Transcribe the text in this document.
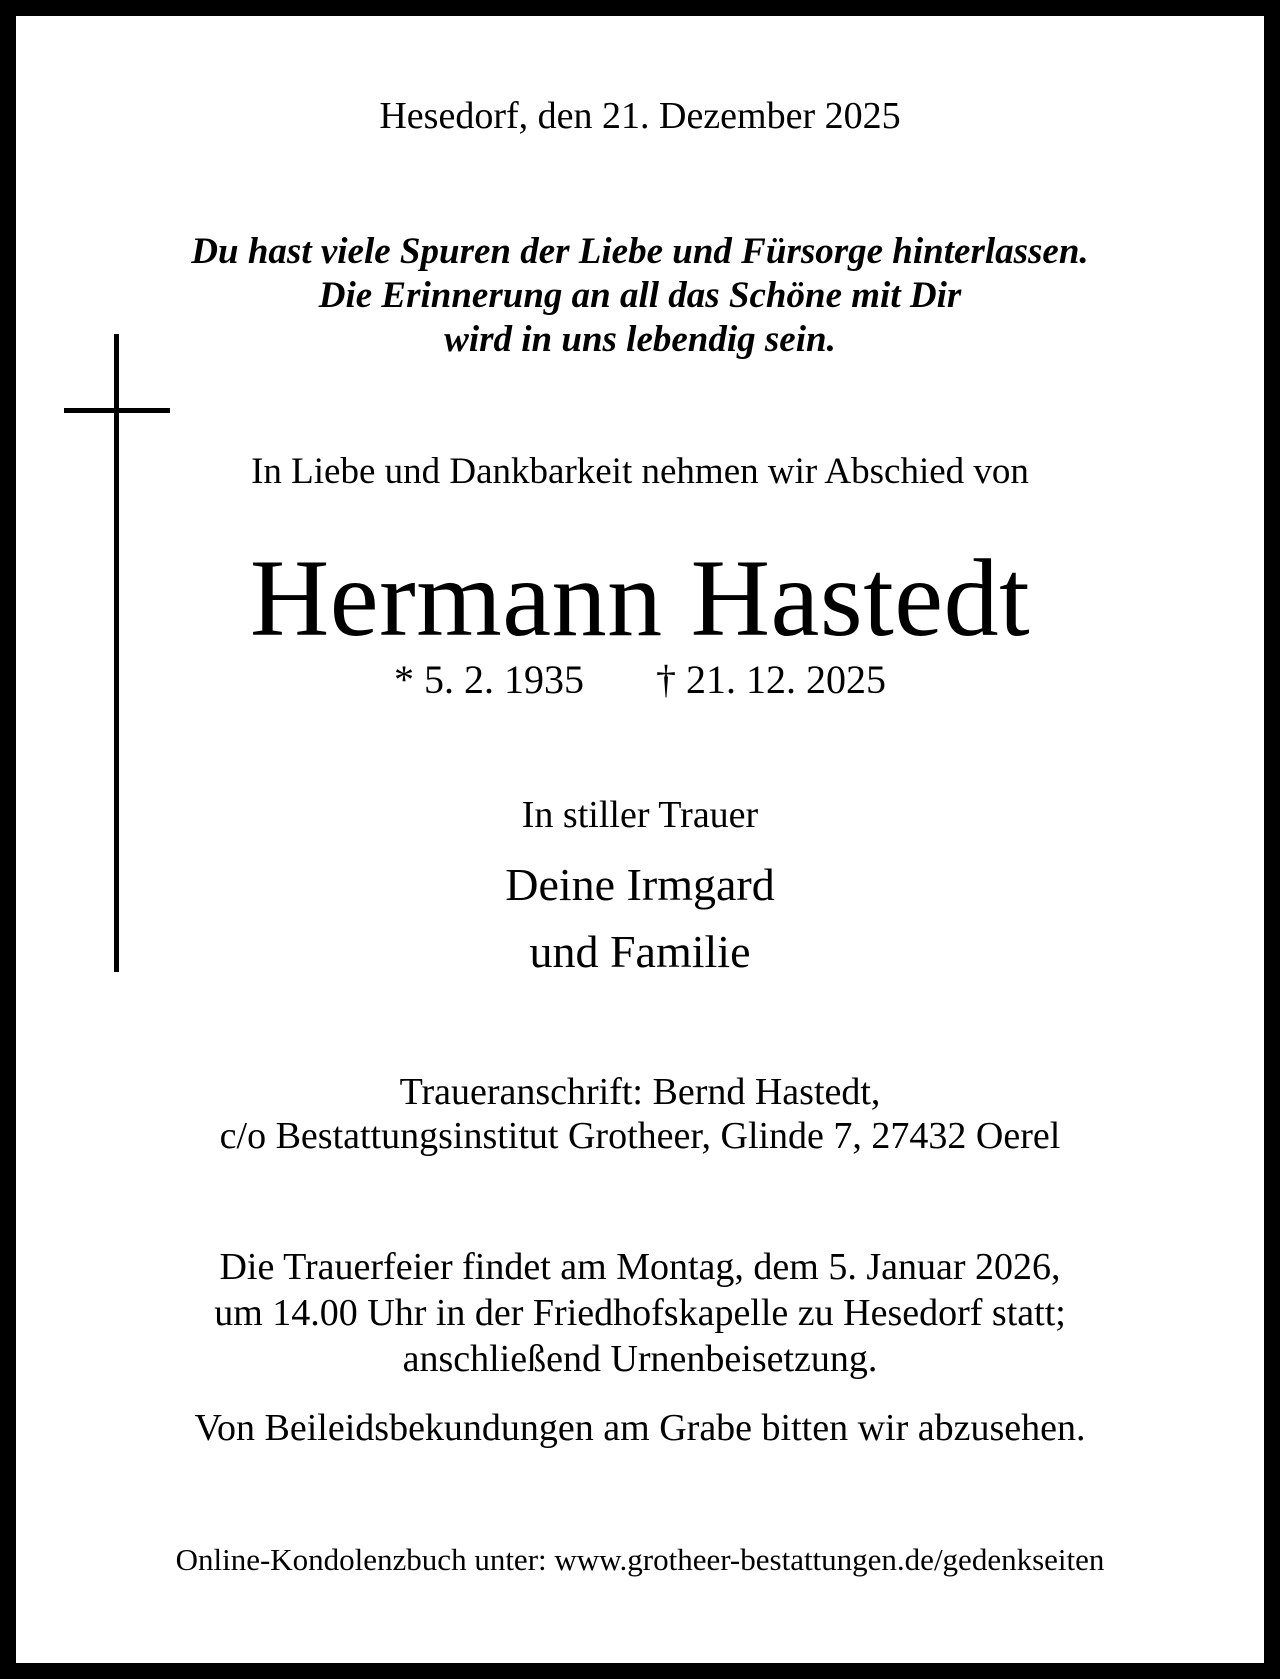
Hesedorf, den 21. Dezember 2025

Du hast viele Spuren der Liebe und Fürsorge hinterlassen.

Die Erinnerung an all das Schöne mit Dir

wird in uns lebendig sein.

In Liebe und Dankbarkeit nehmen wir Abschied von

Hermann Hastedt

* 5. 2. 1935 † 21. 12. 2025

In stiller Trauer

Deine Irmgard

und Familie

Traueranschrift: Bernd Hastedt,

c/o Bestattungsinstitut Grotheer, Glinde 7, 27432 Oerel

Die Trauerfeier findet am Montag, dem 5. Januar 2026,

um 14.00 Uhr in der Friedhofskapelle zu Hesedorf statt;

anschließend Urnenbeisetzung.

Von Beileidsbekundungen am Grabe bitten wir abzusehen.

Online-Kondolenzbuch unter: www.grotheer-bestattungen.de/gedenkseiten
